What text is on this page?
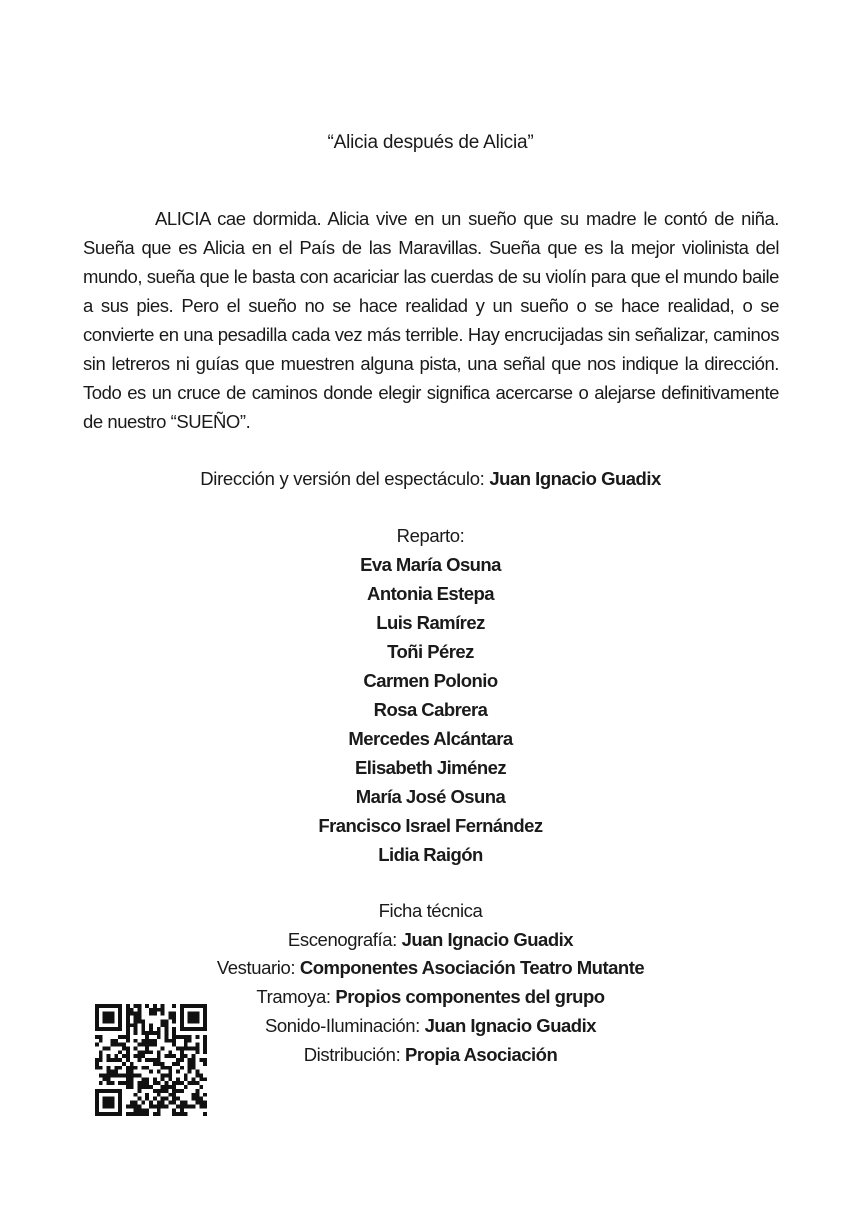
“Alicia después de Alicia”

ALICIA cae dormida. Alicia vive en un sueño que su madre le contó de niña. Sueña que es Alicia en el País de las Maravillas. Sueña que es la mejor violinista del mundo, sueña que le basta con acariciar las cuerdas de su violín para que el mundo baile a sus pies. Pero el sueño no se hace realidad y un sueño o se hace realidad, o se convierte en una pesadilla cada vez más terrible. Hay encrucijadas sin señalizar, caminos sin letreros ni guías que muestren alguna pista, una señal que nos indique la dirección. Todo es un cruce de caminos donde elegir significa acercarse o alejarse definitivamente de nuestro “SUEÑO”.

Dirección y versión del espectáculo: Juan Ignacio Guadix
Reparto:
Eva María Osuna
Antonia Estepa
Luis Ramírez
Toñi Pérez
Carmen Polonio
Rosa Cabrera
Mercedes Alcántara
Elisabeth Jiménez
María José Osuna
Francisco Israel Fernández
Lidia Raigón
Ficha técnica
Escenografía: Juan Ignacio Guadix
Vestuario: Componentes Asociación Teatro Mutante
Tramoya: Propios componentes del grupo
Sonido-Iluminación: Juan Ignacio Guadix
Distribución: Propia Asociación
